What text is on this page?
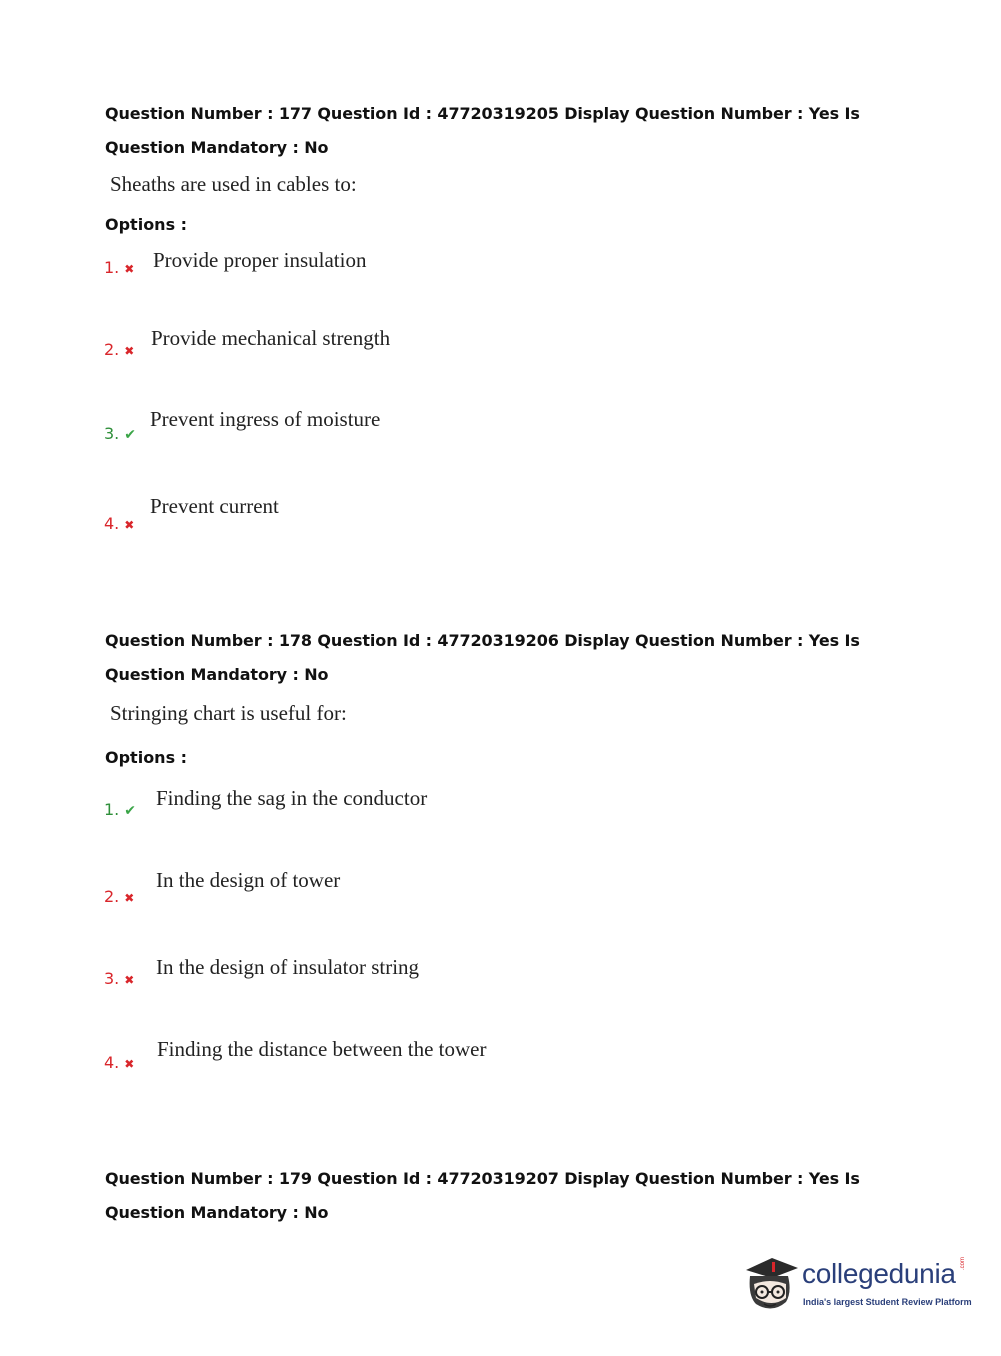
Question Number : 177 Question Id : 47720319205 Display Question Number : Yes Is Question Mandatory : No
Sheaths are used in cables to:
Options :
1. ✖ Provide proper insulation
2. ✖
Provide mechanical strength
3. ✔
Prevent ingress of moisture
4. ✖
Prevent current
Question Number : 178 Question Id : 47720319206 Display Question Number : Yes Is Question Mandatory : No
Stringing chart is useful for:
Options :
1. ✔
Finding the sag in the conductor
2. ✖
In the design of tower
3. ✖
In the design of insulator string
4. ✖
Finding the distance between the tower
Question Number : 179 Question Id : 47720319207 Display Question Number : Yes Is Question Mandatory : No
collegedunia .com
India's largest Student Review Platform
